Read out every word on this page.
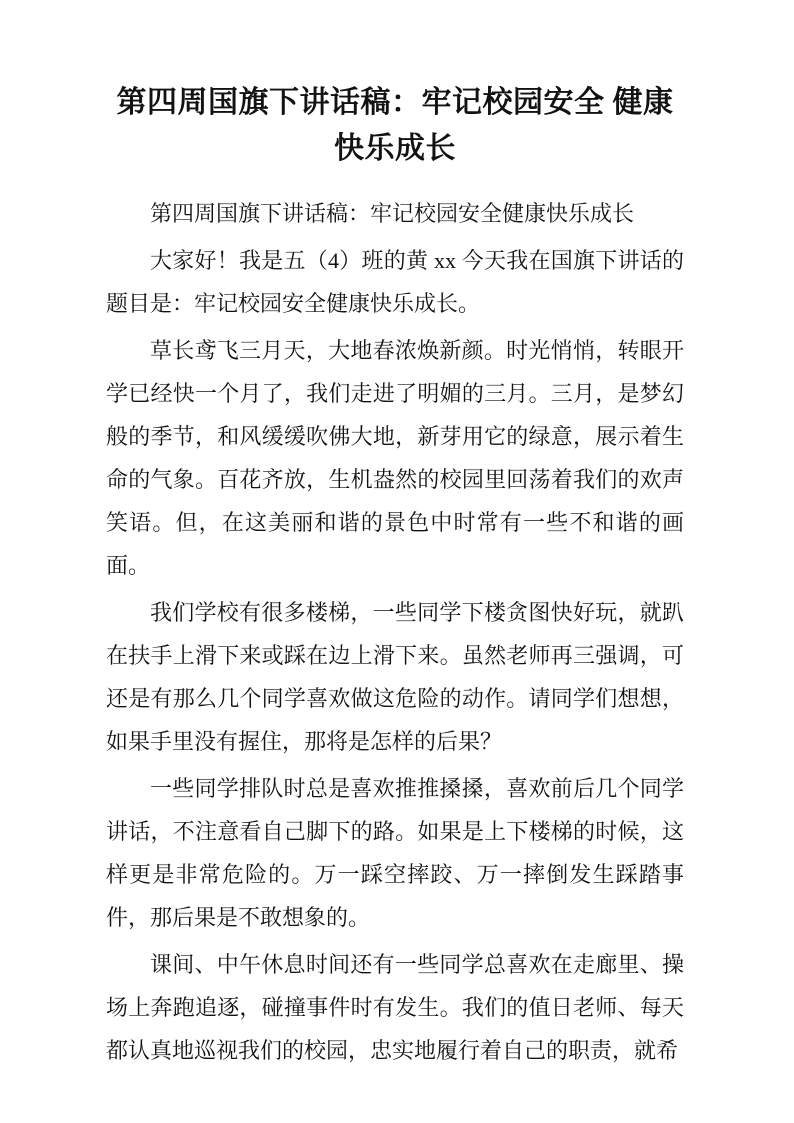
第四周国旗下讲话稿：牢记校园安全 健康快乐成长

第四周国旗下讲话稿：牢记校园安全健康快乐成长

大家好！我是五（4）班的黄 xx 今天我在国旗下讲话的题目是：牢记校园安全健康快乐成长。

草长鸢飞三月天，大地春浓焕新颜。时光悄悄，转眼开学已经快一个月了，我们走进了明媚的三月。三月，是梦幻般的季节，和风缓缓吹佛大地，新芽用它的绿意，展示着生命的气象。百花齐放，生机盎然的校园里回荡着我们的欢声笑语。但，在这美丽和谐的景色中时常有一些不和谐的画面。

我们学校有很多楼梯，一些同学下楼贪图快好玩，就趴在扶手上滑下来或踩在边上滑下来。虽然老师再三强调，可还是有那么几个同学喜欢做这危险的动作。请同学们想想，如果手里没有握住，那将是怎样的后果？

一些同学排队时总是喜欢推推搡搡，喜欢前后几个同学讲话，不注意看自己脚下的路。如果是上下楼梯的时候，这样更是非常危险的。万一踩空摔跤、万一摔倒发生踩踏事件，那后果是不敢想象的。

课间、中午休息时间还有一些同学总喜欢在走廊里、操场上奔跑追逐，碰撞事件时有发生。我们的值日老师、每天都认真地巡视我们的校园，忠实地履行着自己的职责，就希
